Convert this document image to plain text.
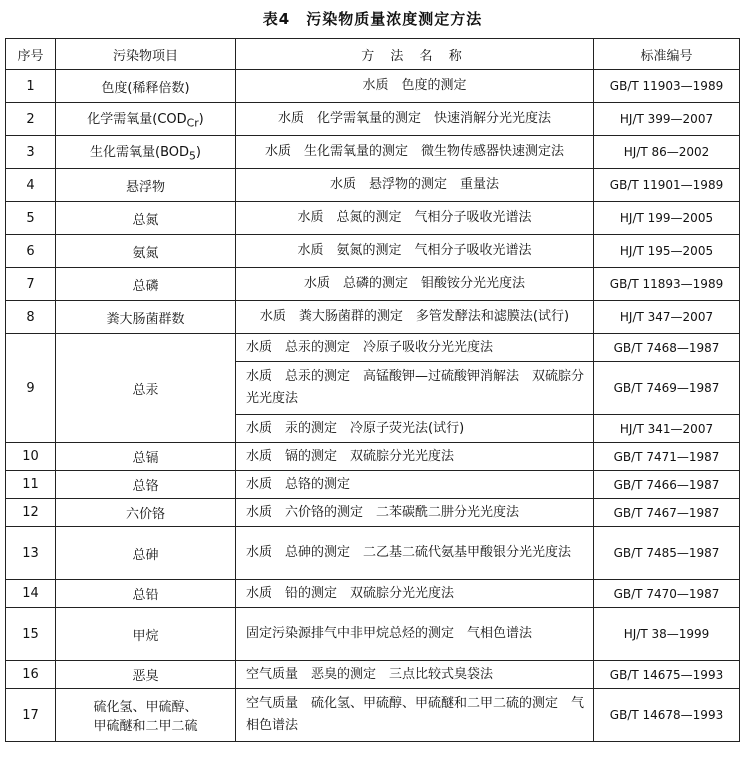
表4　污染物质量浓度测定方法
序号	污染物项目	方 法 名 称	标准编号
1	色度(稀释倍数)	水质　色度的测定	GB/T 11903—1989
2	化学需氧量$(COD_{Cr})$	水质　化学需氧量的测定　快速消解分光光度法	HJ/T 399—2007
3	生化需氧量$(BOD_5)$	水质　生化需氧量的测定　微生物传感器快速测定法	HJ/T 86—2002
4	悬浮物	水质　悬浮物的测定　重量法	GB/T 11901—1989
5	总氮	水质　总氮的测定　气相分子吸收光谱法	HJ/T 199—2005
6	氨氮	水质　氨氮的测定　气相分子吸收光谱法	HJ/T 195—2005
7	总磷	水质　总磷的测定　钼酸铵分光光度法	GB/T 11893—1989
8	粪大肠菌群数	水质　粪大肠菌群的测定　多管发酵法和滤膜法(试行)	HJ/T 347—2007
9	总汞	水质　总汞的测定　冷原子吸收分光光度法	GB/T 7468—1987

		水质　总汞的测定　高锰酸钾—过硫酸钾消解法　双硫腙分光光度法	GB/T 7469—1987

		水质　汞的测定　冷原子荧光法(试行)	HJ/T 341—2007
10	总镉	水质　镉的测定　双硫腙分光光度法	GB/T 7471—1987
11	总铬	水质　总铬的测定	GB/T 7466—1987
12	六价铬	水质　六价铬的测定　二苯碳酰二肼分光光度法	GB/T 7467—1987
13	总砷	水质　总砷的测定　二乙基二硫代氨基甲酸银分光光度法	GB/T 7485—1987
14	总铅	水质　铅的测定　双硫腙分光光度法	GB/T 7470—1987
15	甲烷	固定污染源排气中非甲烷总烃的测定　气相色谱法	HJ/T 38—1999
16	恶臭	空气质量　恶臭的测定　三点比较式臭袋法	GB/T 14675—1993
17	硫化氢、甲硫醇、
甲硫醚和二甲二硫	空气质量　硫化氢、甲硫醇、甲硫醚和二甲二硫的测定　气相色谱法	GB/T 14678—1993
